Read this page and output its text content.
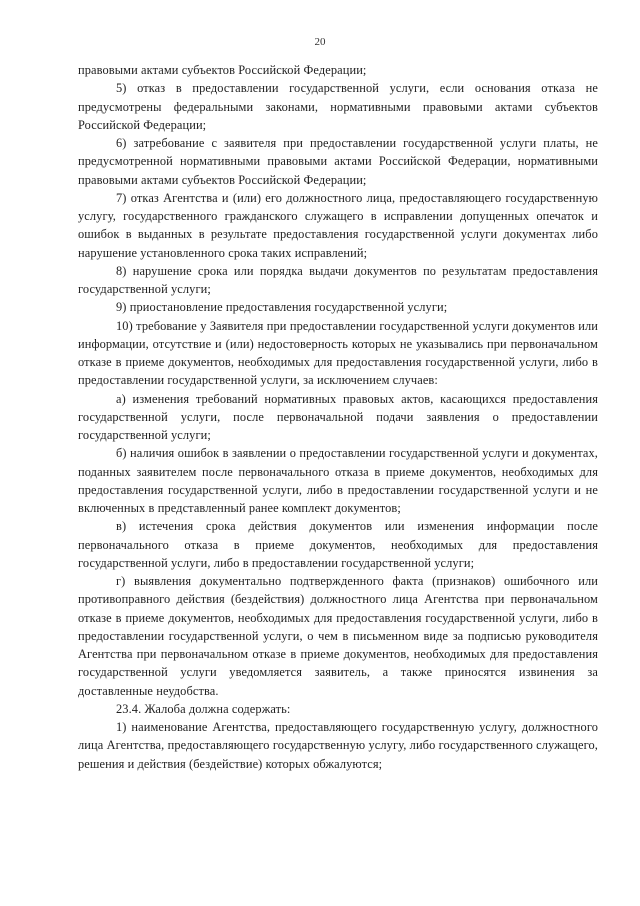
20

правовыми актами субъектов Российской Федерации;

5) отказ в предоставлении государственной услуги, если основания отказа не предусмотрены федеральными законами, нормативными правовыми актами субъектов Российской Федерации;

6) затребование с заявителя при предоставлении государственной услуги платы, не предусмотренной нормативными правовыми актами Российской Федерации, нормативными правовыми актами субъектов Российской Федерации;

7) отказ Агентства и (или) его должностного лица, предоставляющего государственную услугу, государственного гражданского служащего в исправлении допущенных опечаток и ошибок в выданных в результате предоставления государственной услуги документах либо нарушение установленного срока таких исправлений;

8) нарушение срока или порядка выдачи документов по результатам предоставления государственной услуги;

9) приостановление предоставления государственной услуги;

10) требование у Заявителя при предоставлении государственной услуги документов или информации, отсутствие и (или) недостоверность которых не указывались при первоначальном отказе в приеме документов, необходимых для предоставления государственной услуги, либо в предоставлении государственной услуги, за исключением случаев:

а) изменения требований нормативных правовых актов, касающихся предоставления государственной услуги, после первоначальной подачи заявления о предоставлении государственной услуги;

б) наличия ошибок в заявлении о предоставлении государственной услуги и документах, поданных заявителем после первоначального отказа в приеме документов, необходимых для предоставления государственной услуги, либо в предоставлении государственной услуги и не включенных в представленный ранее комплект документов;

в) истечения срока действия документов или изменения информации после первоначального отказа в приеме документов, необходимых для предоставления государственной услуги, либо в предоставлении государственной услуги;

г) выявления документально подтвержденного факта (признаков) ошибочного или противоправного действия (бездействия) должностного лица Агентства при первоначальном отказе в приеме документов, необходимых для предоставления государственной услуги, либо в предоставлении государственной услуги, о чем в письменном виде за подписью руководителя Агентства при первоначальном отказе в приеме документов, необходимых для предоставления государственной услуги уведомляется заявитель, а также приносятся извинения за доставленные неудобства.

23.4. Жалоба должна содержать:

1) наименование Агентства, предоставляющего государственную услугу, должностного лица Агентства, предоставляющего государственную услугу, либо государственного служащего, решения и действия (бездействие) которых обжалуются;
